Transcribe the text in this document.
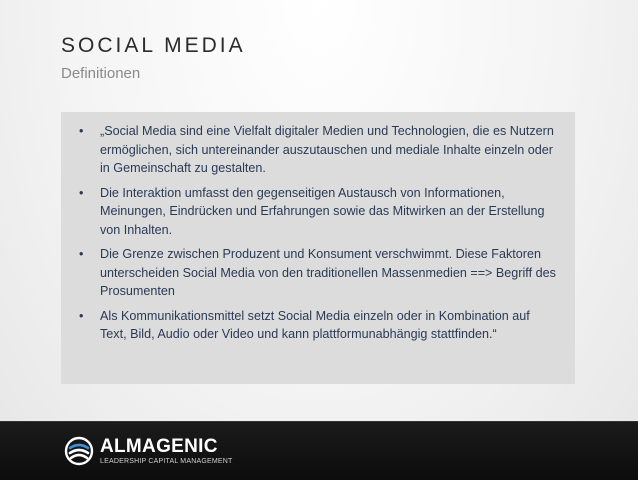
SOCIAL MEDIA
Definitionen
• „Social Media sind eine Vielfalt digitaler Medien und Technologien, die es Nutzern ermöglichen, sich untereinander auszutauschen und mediale Inhalte einzeln oder in Gemeinschaft zu gestalten.
• Die Interaktion umfasst den gegenseitigen Austausch von Informationen, Meinungen, Eindrücken und Erfahrungen sowie das Mitwirken an der Erstellung von Inhalten.
• Die Grenze zwischen Produzent und Konsument verschwimmt. Diese Faktoren unterscheiden Social Media von den traditionellen Massenmedien ==> Begriff des Prosumenten
• Als Kommunikationsmittel setzt Social Media einzeln oder in Kombination auf Text, Bild, Audio oder Video und kann plattformunabhängig stattfinden.“
ALMAGENIC
LEADERSHIP CAPITAL MANAGEMENT
